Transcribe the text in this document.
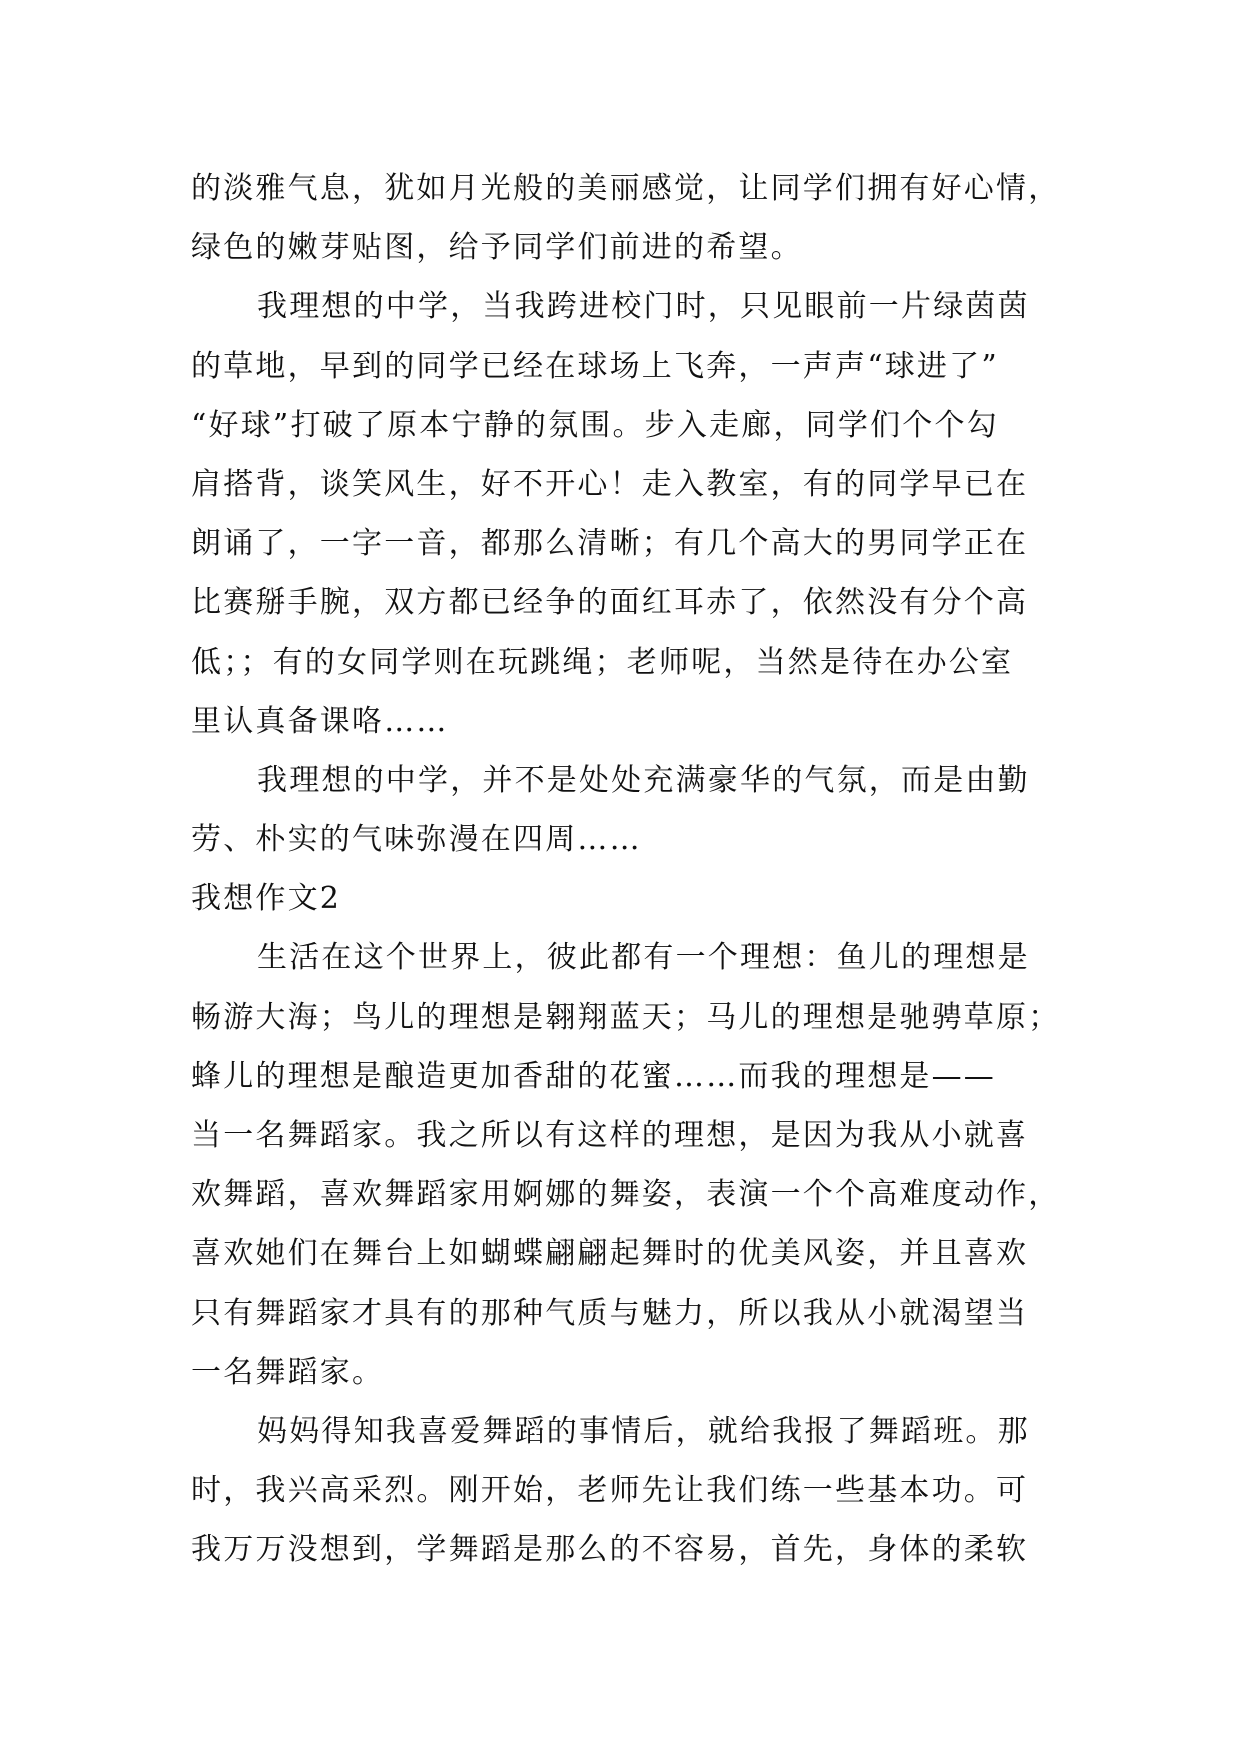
的淡雅气息，犹如月光般的美丽感觉，让同学们拥有好心情，
绿色的嫩芽贴图，给予同学们前进的希望。
我理想的中学，当我跨进校门时，只见眼前一片绿茵茵
的草地，早到的同学已经在球场上飞奔，一声声“球进了”
“好球”打破了原本宁静的氛围。步入走廊，同学们个个勾
肩搭背，谈笑风生，好不开心！走入教室，有的同学早已在
朗诵了，一字一音，都那么清晰；有几个高大的男同学正在
比赛掰手腕，双方都已经争的面红耳赤了，依然没有分个高
低；；有的女同学则在玩跳绳；老师呢，当然是待在办公室
里认真备课咯……
我理想的中学，并不是处处充满豪华的气氛，而是由勤
劳、朴实的气味弥漫在四周……
我想作文2
生活在这个世界上，彼此都有一个理想：鱼儿的理想是
畅游大海；鸟儿的理想是翱翔蓝天；马儿的理想是驰骋草原；
蜂儿的理想是酿造更加香甜的花蜜……而我的理想是——
当一名舞蹈家。我之所以有这样的理想，是因为我从小就喜
欢舞蹈，喜欢舞蹈家用婀娜的舞姿，表演一个个高难度动作，
喜欢她们在舞台上如蝴蝶翩翩起舞时的优美风姿，并且喜欢
只有舞蹈家才具有的那种气质与魅力，所以我从小就渴望当
一名舞蹈家。
妈妈得知我喜爱舞蹈的事情后，就给我报了舞蹈班。那
时，我兴高采烈。刚开始，老师先让我们练一些基本功。可
我万万没想到，学舞蹈是那么的不容易，首先，身体的柔软
